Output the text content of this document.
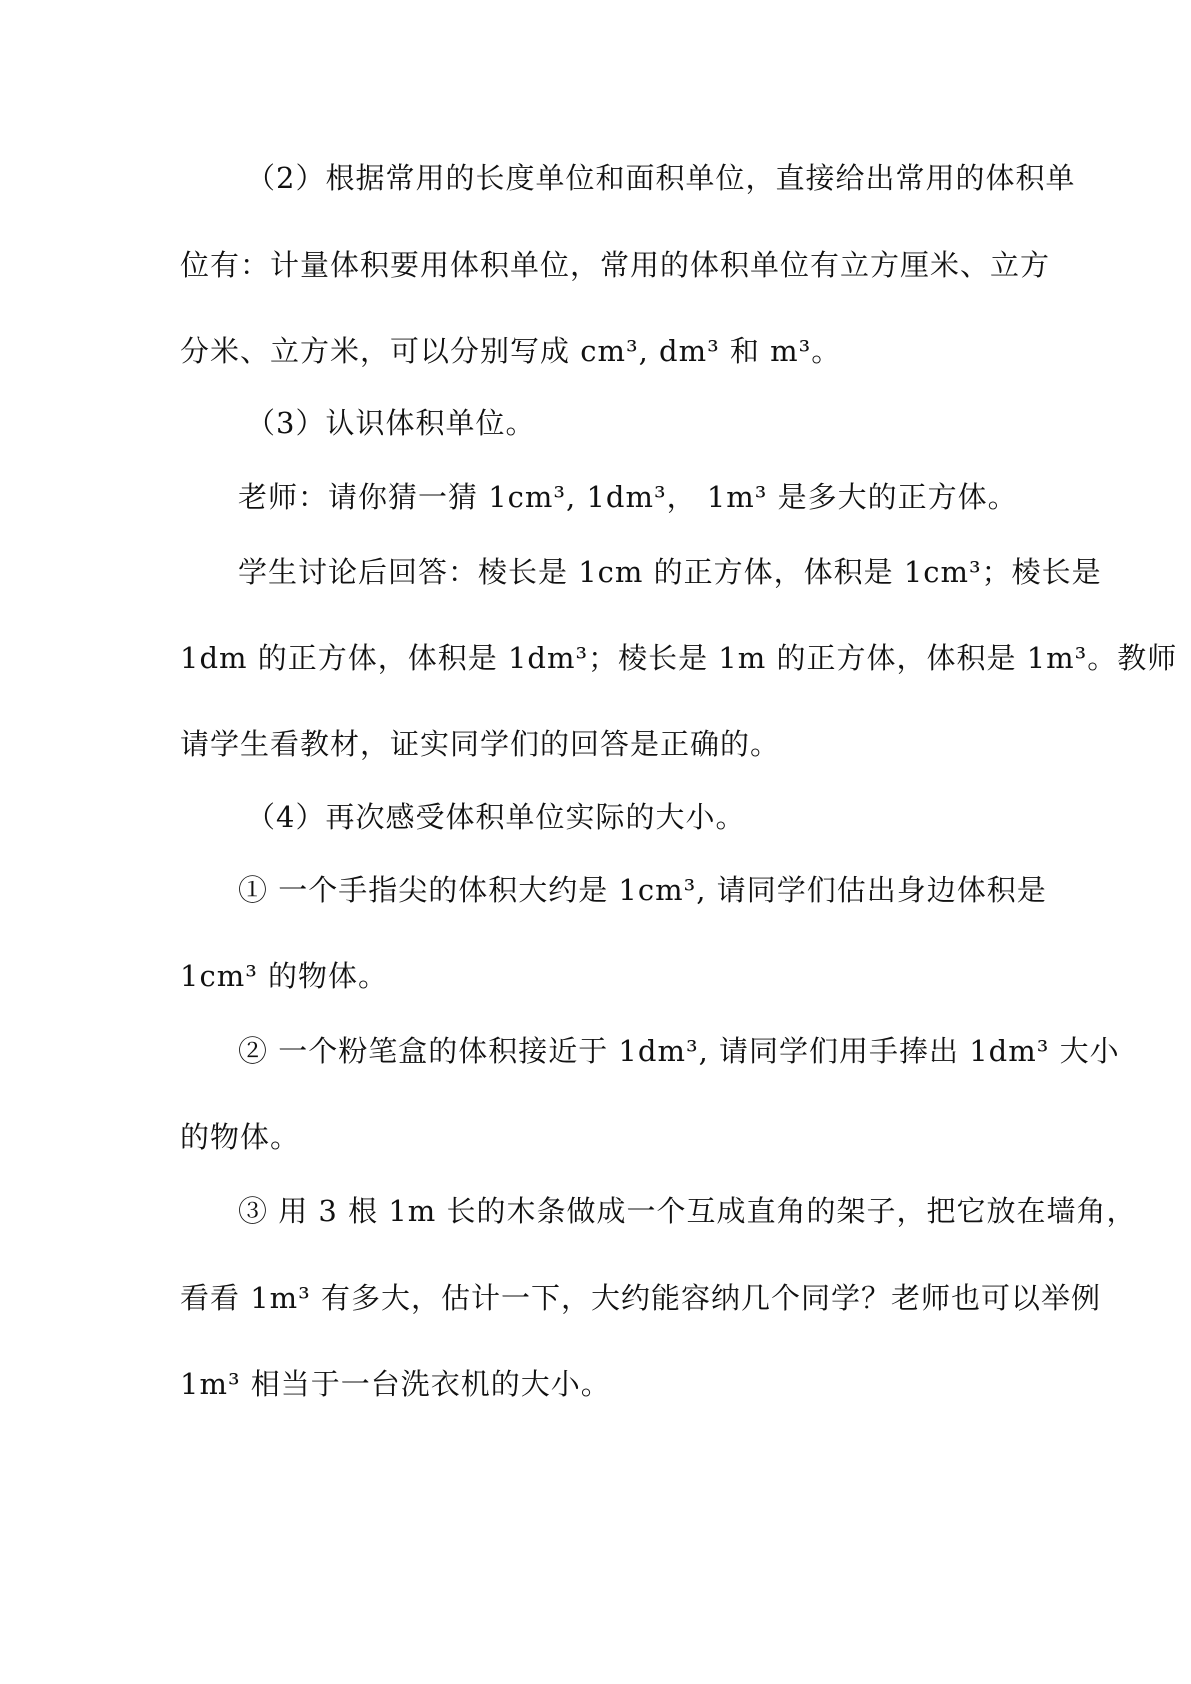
（2）根据常用的长度单位和面积单位，直接给出常用的体积单
位有：计量体积要用体积单位，常用的体积单位有立方厘米、立方
分米、立方米，可以分别写成 cm³, dm³ 和 m³。
（3）认识体积单位。
老师：请你猜一猜 1cm³, 1dm³， 1m³ 是多大的正方体。
学生讨论后回答：棱长是 1cm 的正方体，体积是 1cm³；棱长是
1dm 的正方体，体积是 1dm³；棱长是 1m 的正方体，体积是 1m³。教师
请学生看教材，证实同学们的回答是正确的。
（4）再次感受体积单位实际的大小。
① 一个手指尖的体积大约是 1cm³, 请同学们估出身边体积是
1cm³ 的物体。
② 一个粉笔盒的体积接近于 1dm³, 请同学们用手捧出 1dm³ 大小
的物体。
③ 用 3 根 1m 长的木条做成一个互成直角的架子，把它放在墙角，
看看 1m³ 有多大，估计一下，大约能容纳几个同学？老师也可以举例
1m³ 相当于一台洗衣机的大小。
